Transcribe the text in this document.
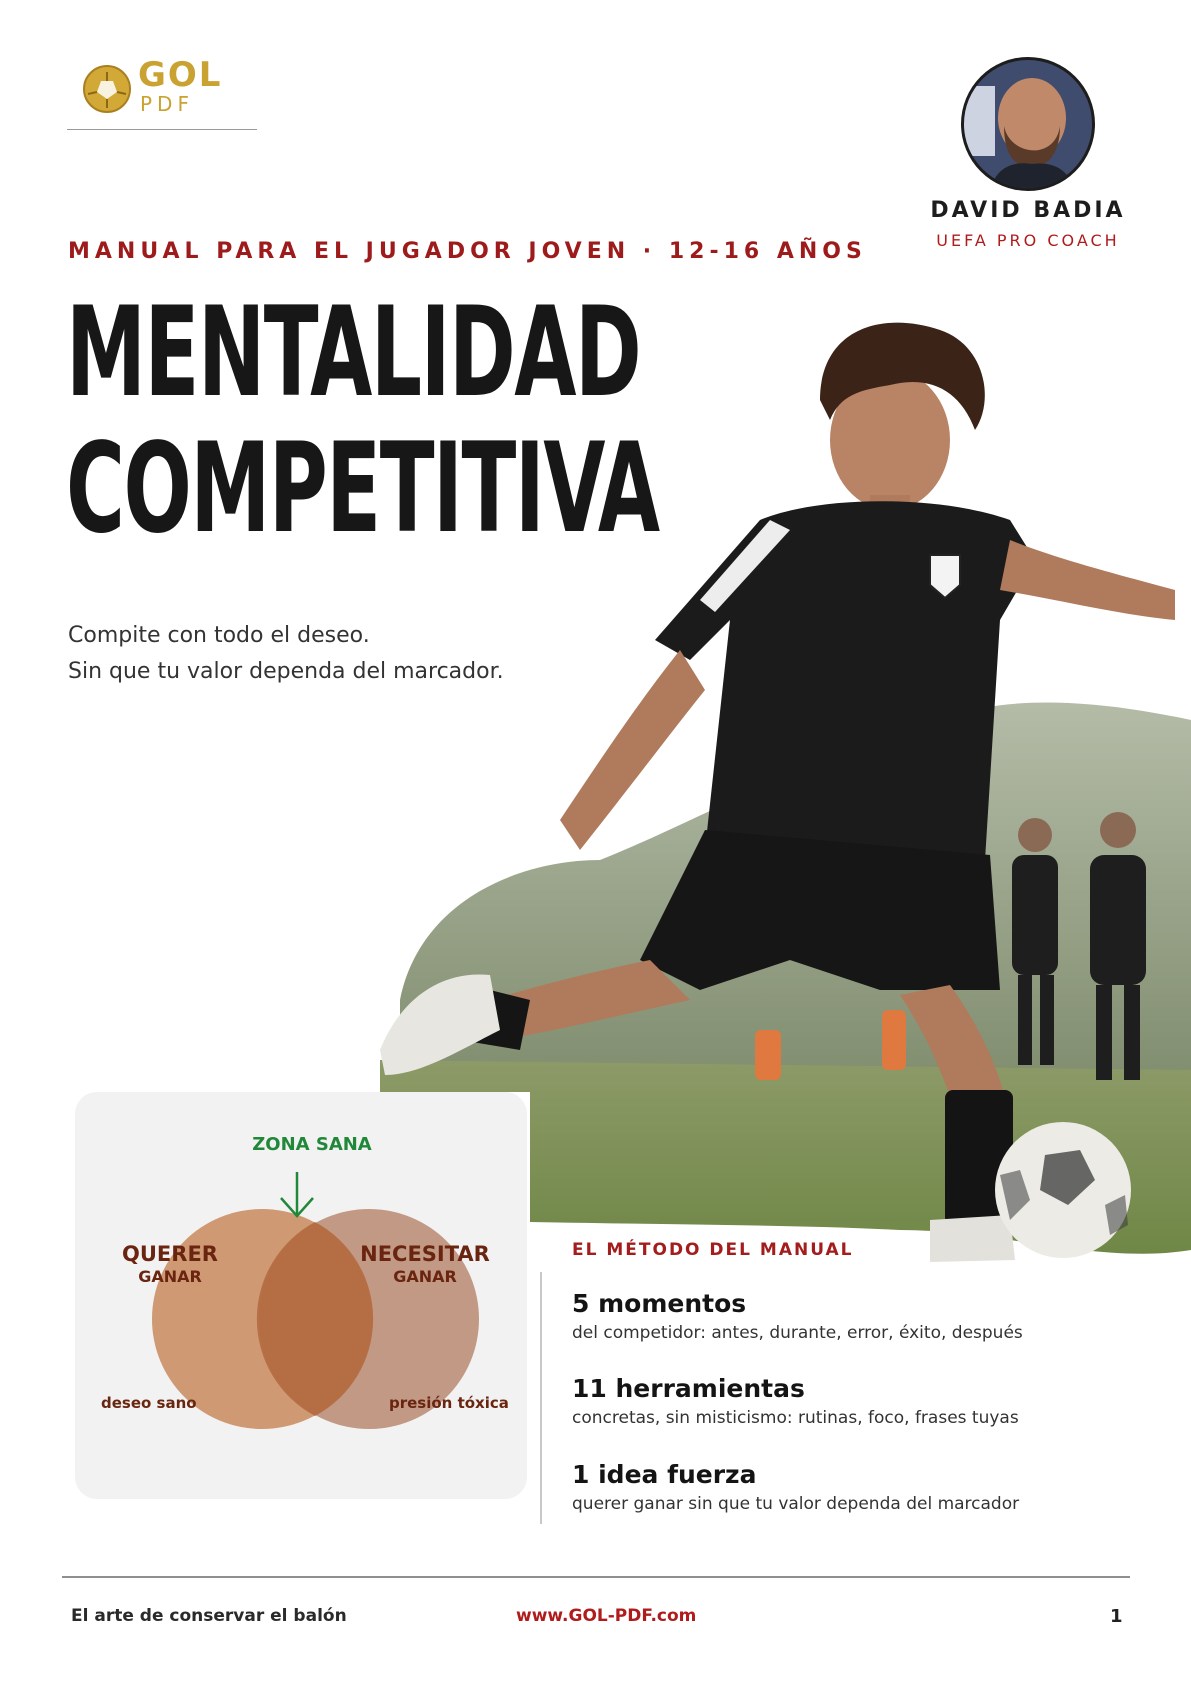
GOL
PDF
DAVID BADIA
UEFA PRO COACH
MANUAL PARA EL JUGADOR JOVEN · 12-16 AÑOS
MENTALIDAD
COMPETITIVA
Compite con todo el deseo.
Sin que tu valor dependa del marcador.
ZONA SANA
QUERER
GANAR
NECESITAR
GANAR
deseo sano	presión tóxica
EL MÉTODO DEL MANUAL
5 momentos
del competidor: antes, durante, error, éxito, después
11 herramientas
concretas, sin misticismo: rutinas, foco, frases tuyas
1 idea fuerza
querer ganar sin que tu valor dependa del marcador
El arte de conservar el balón	www.GOL-PDF.com	1
